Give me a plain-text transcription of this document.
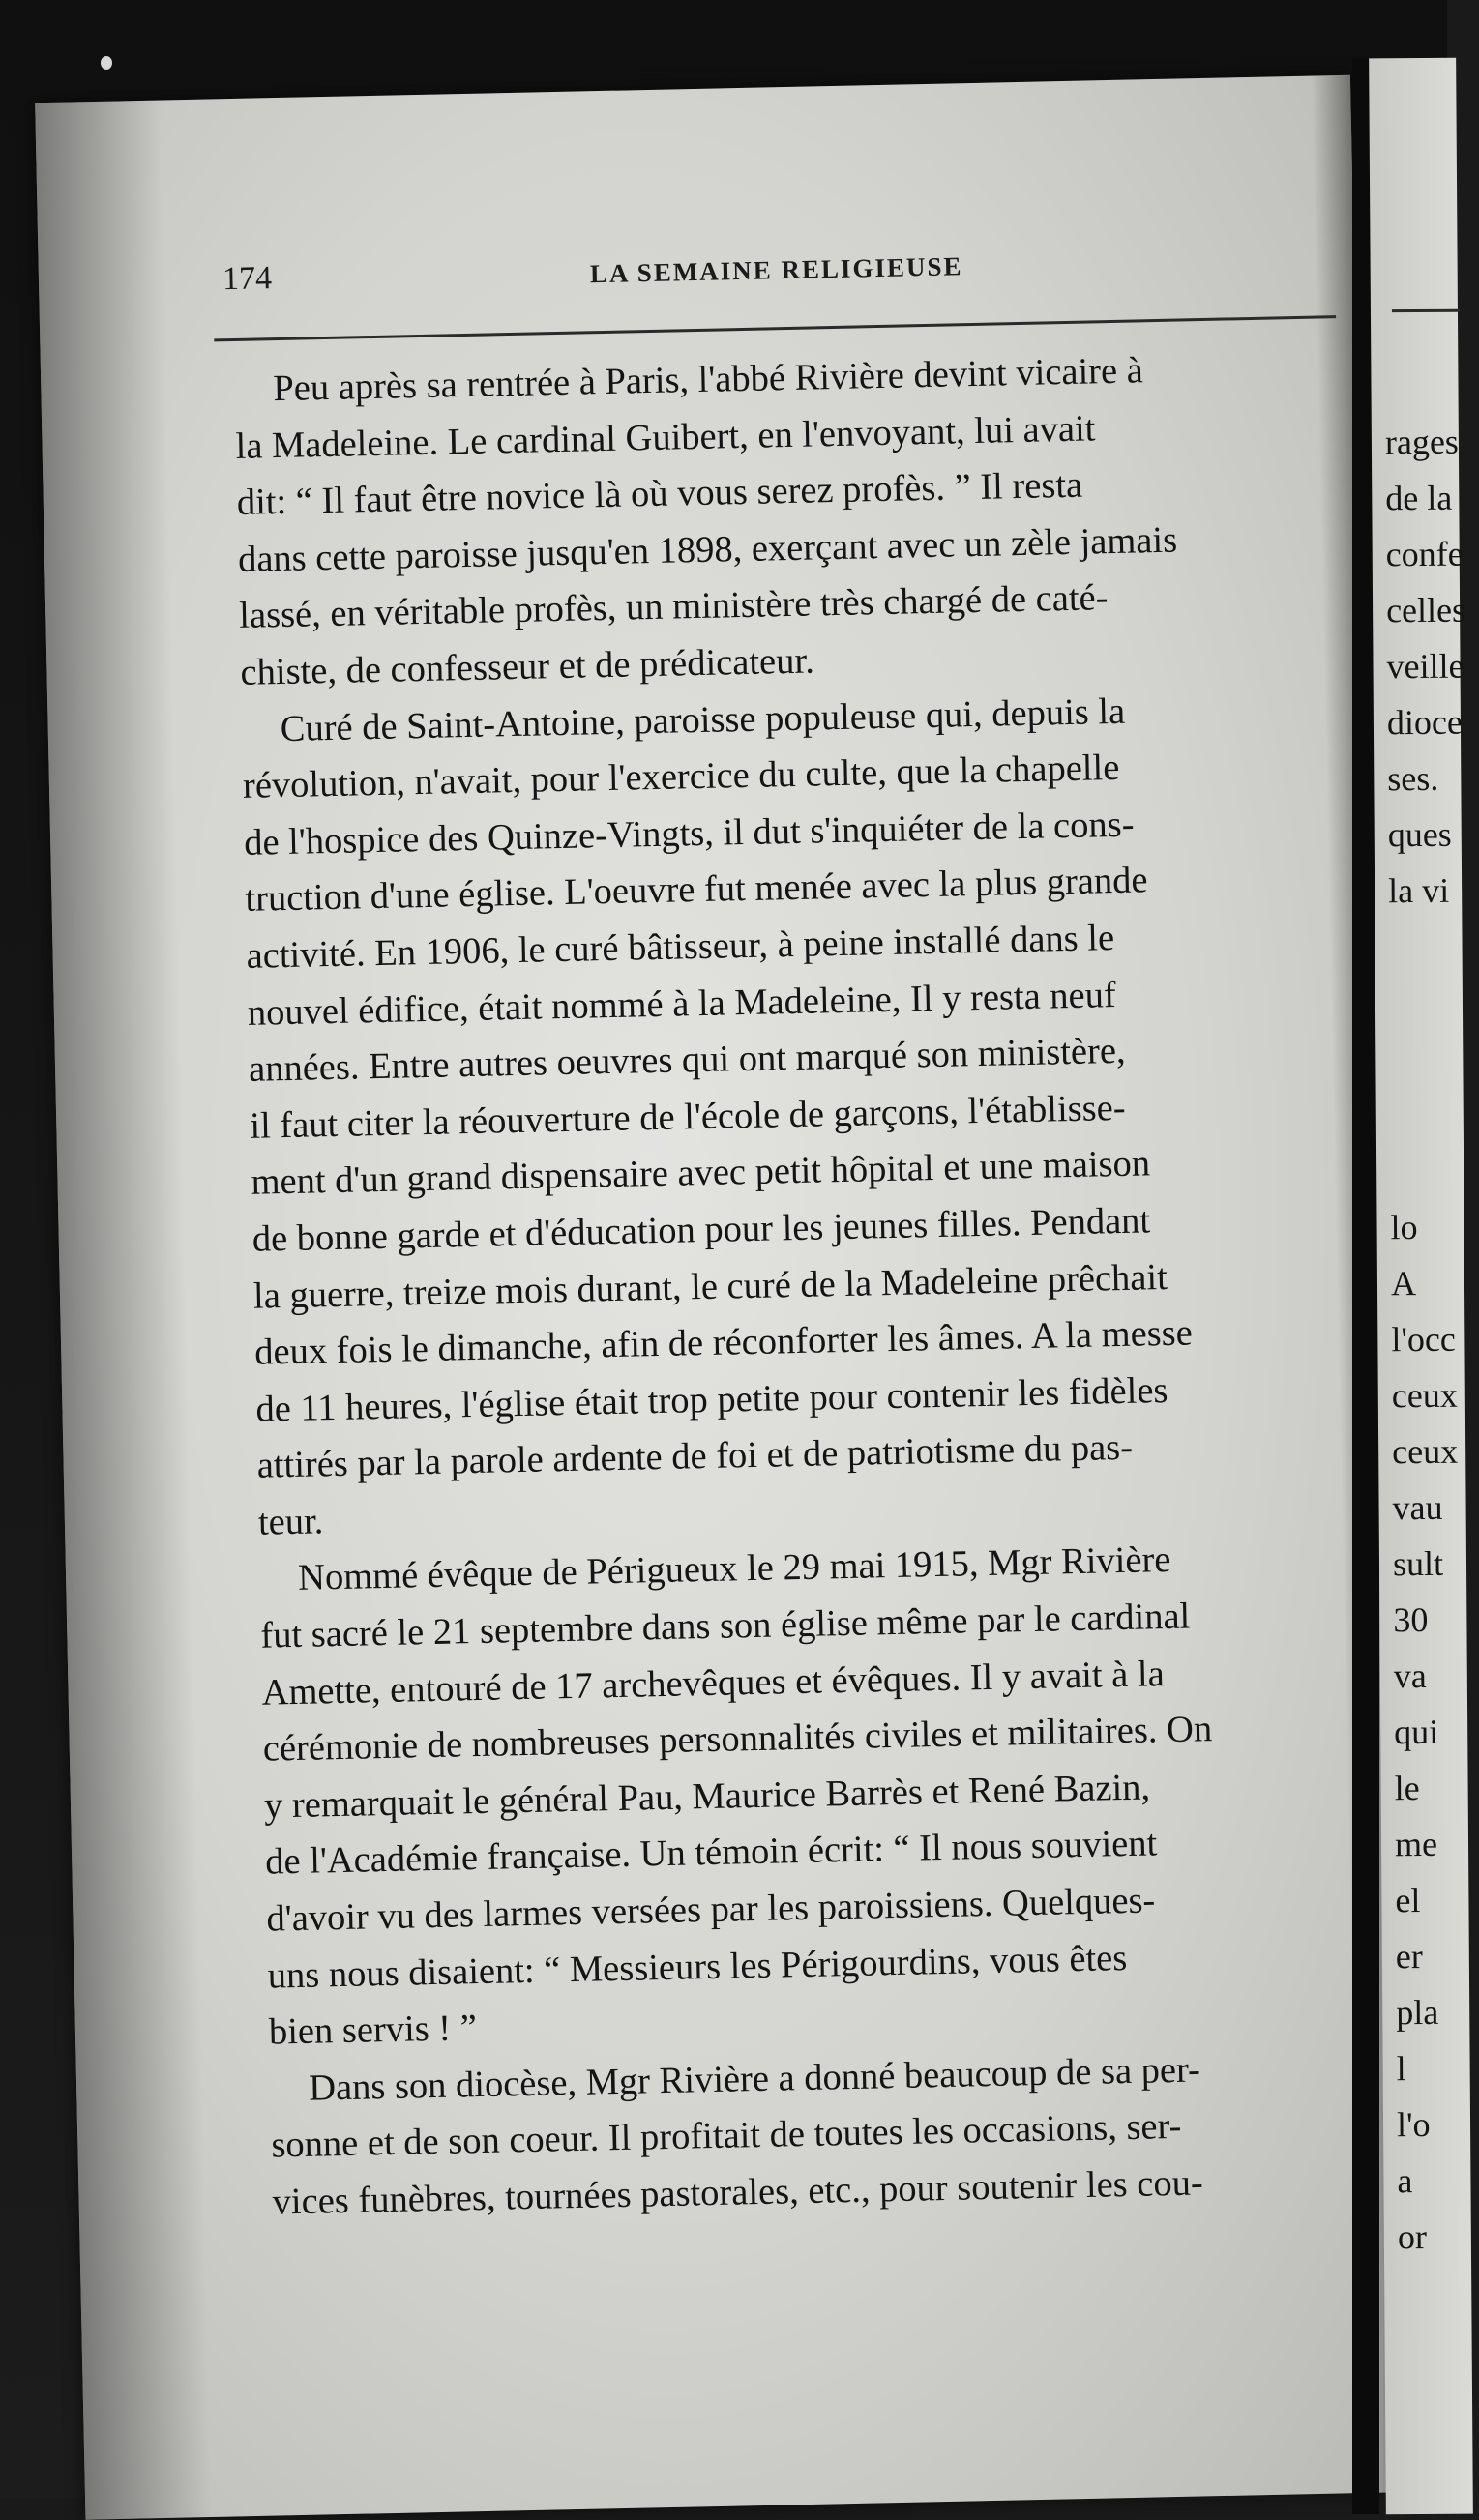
174	LA SEMAINE RELIGIEUSE

Peu après sa rentrée à Paris, l'abbé Rivière devint vicaire à
la Madeleine. Le cardinal Guibert, en l'envoyant, lui avait
dit: “ Il faut être novice là où vous serez profès. ” Il resta
dans cette paroisse jusqu'en 1898, exerçant avec un zèle jamais
lassé, en véritable profès, un ministère très chargé de caté-
chiste, de confesseur et de prédicateur.

Curé de Saint-Antoine, paroisse populeuse qui, depuis la
révolution, n'avait, pour l'exercice du culte, que la chapelle
de l'hospice des Quinze-Vingts, il dut s'inquiéter de la cons-
truction d'une église. L'oeuvre fut menée avec la plus grande
activité. En 1906, le curé bâtisseur, à peine installé dans le
nouvel édifice, était nommé à la Madeleine, Il y resta neuf
années. Entre autres oeuvres qui ont marqué son ministère,
il faut citer la réouverture de l'école de garçons, l'établisse-
ment d'un grand dispensaire avec petit hôpital et une maison
de bonne garde et d'éducation pour les jeunes filles. Pendant
la guerre, treize mois durant, le curé de la Madeleine prêchait
deux fois le dimanche, afin de réconforter les âmes. A la messe
de 11 heures, l'église était trop petite pour contenir les fidèles
attirés par la parole ardente de foi et de patriotisme du pas-
teur.

Nommé évêque de Périgueux le 29 mai 1915, Mgr Rivière
fut sacré le 21 septembre dans son église même par le cardinal
Amette, entouré de 17 archevêques et évêques. Il y avait à la
cérémonie de nombreuses personnalités civiles et militaires. On
y remarquait le général Pau, Maurice Barrès et René Bazin,
de l'Académie française. Un témoin écrit: “ Il nous souvient
d'avoir vu des larmes versées par les paroissiens. Quelques-
uns nous disaient: “ Messieurs les Périgourdins, vous êtes
bien servis ! ”

Dans son diocèse, Mgr Rivière a donné beaucoup de sa per-
sonne et de son coeur. Il profitait de toutes les occasions, ser-
vices funèbres, tournées pastorales, etc., pour soutenir les cou-

rages
de la
confe
celles
veille
dioce
ses.
ques
la vi
lo
A
l'occ
ceux
ceux
vau
sult
30
va
qui
le
me
el
er
pla
l
l'o
a
or
